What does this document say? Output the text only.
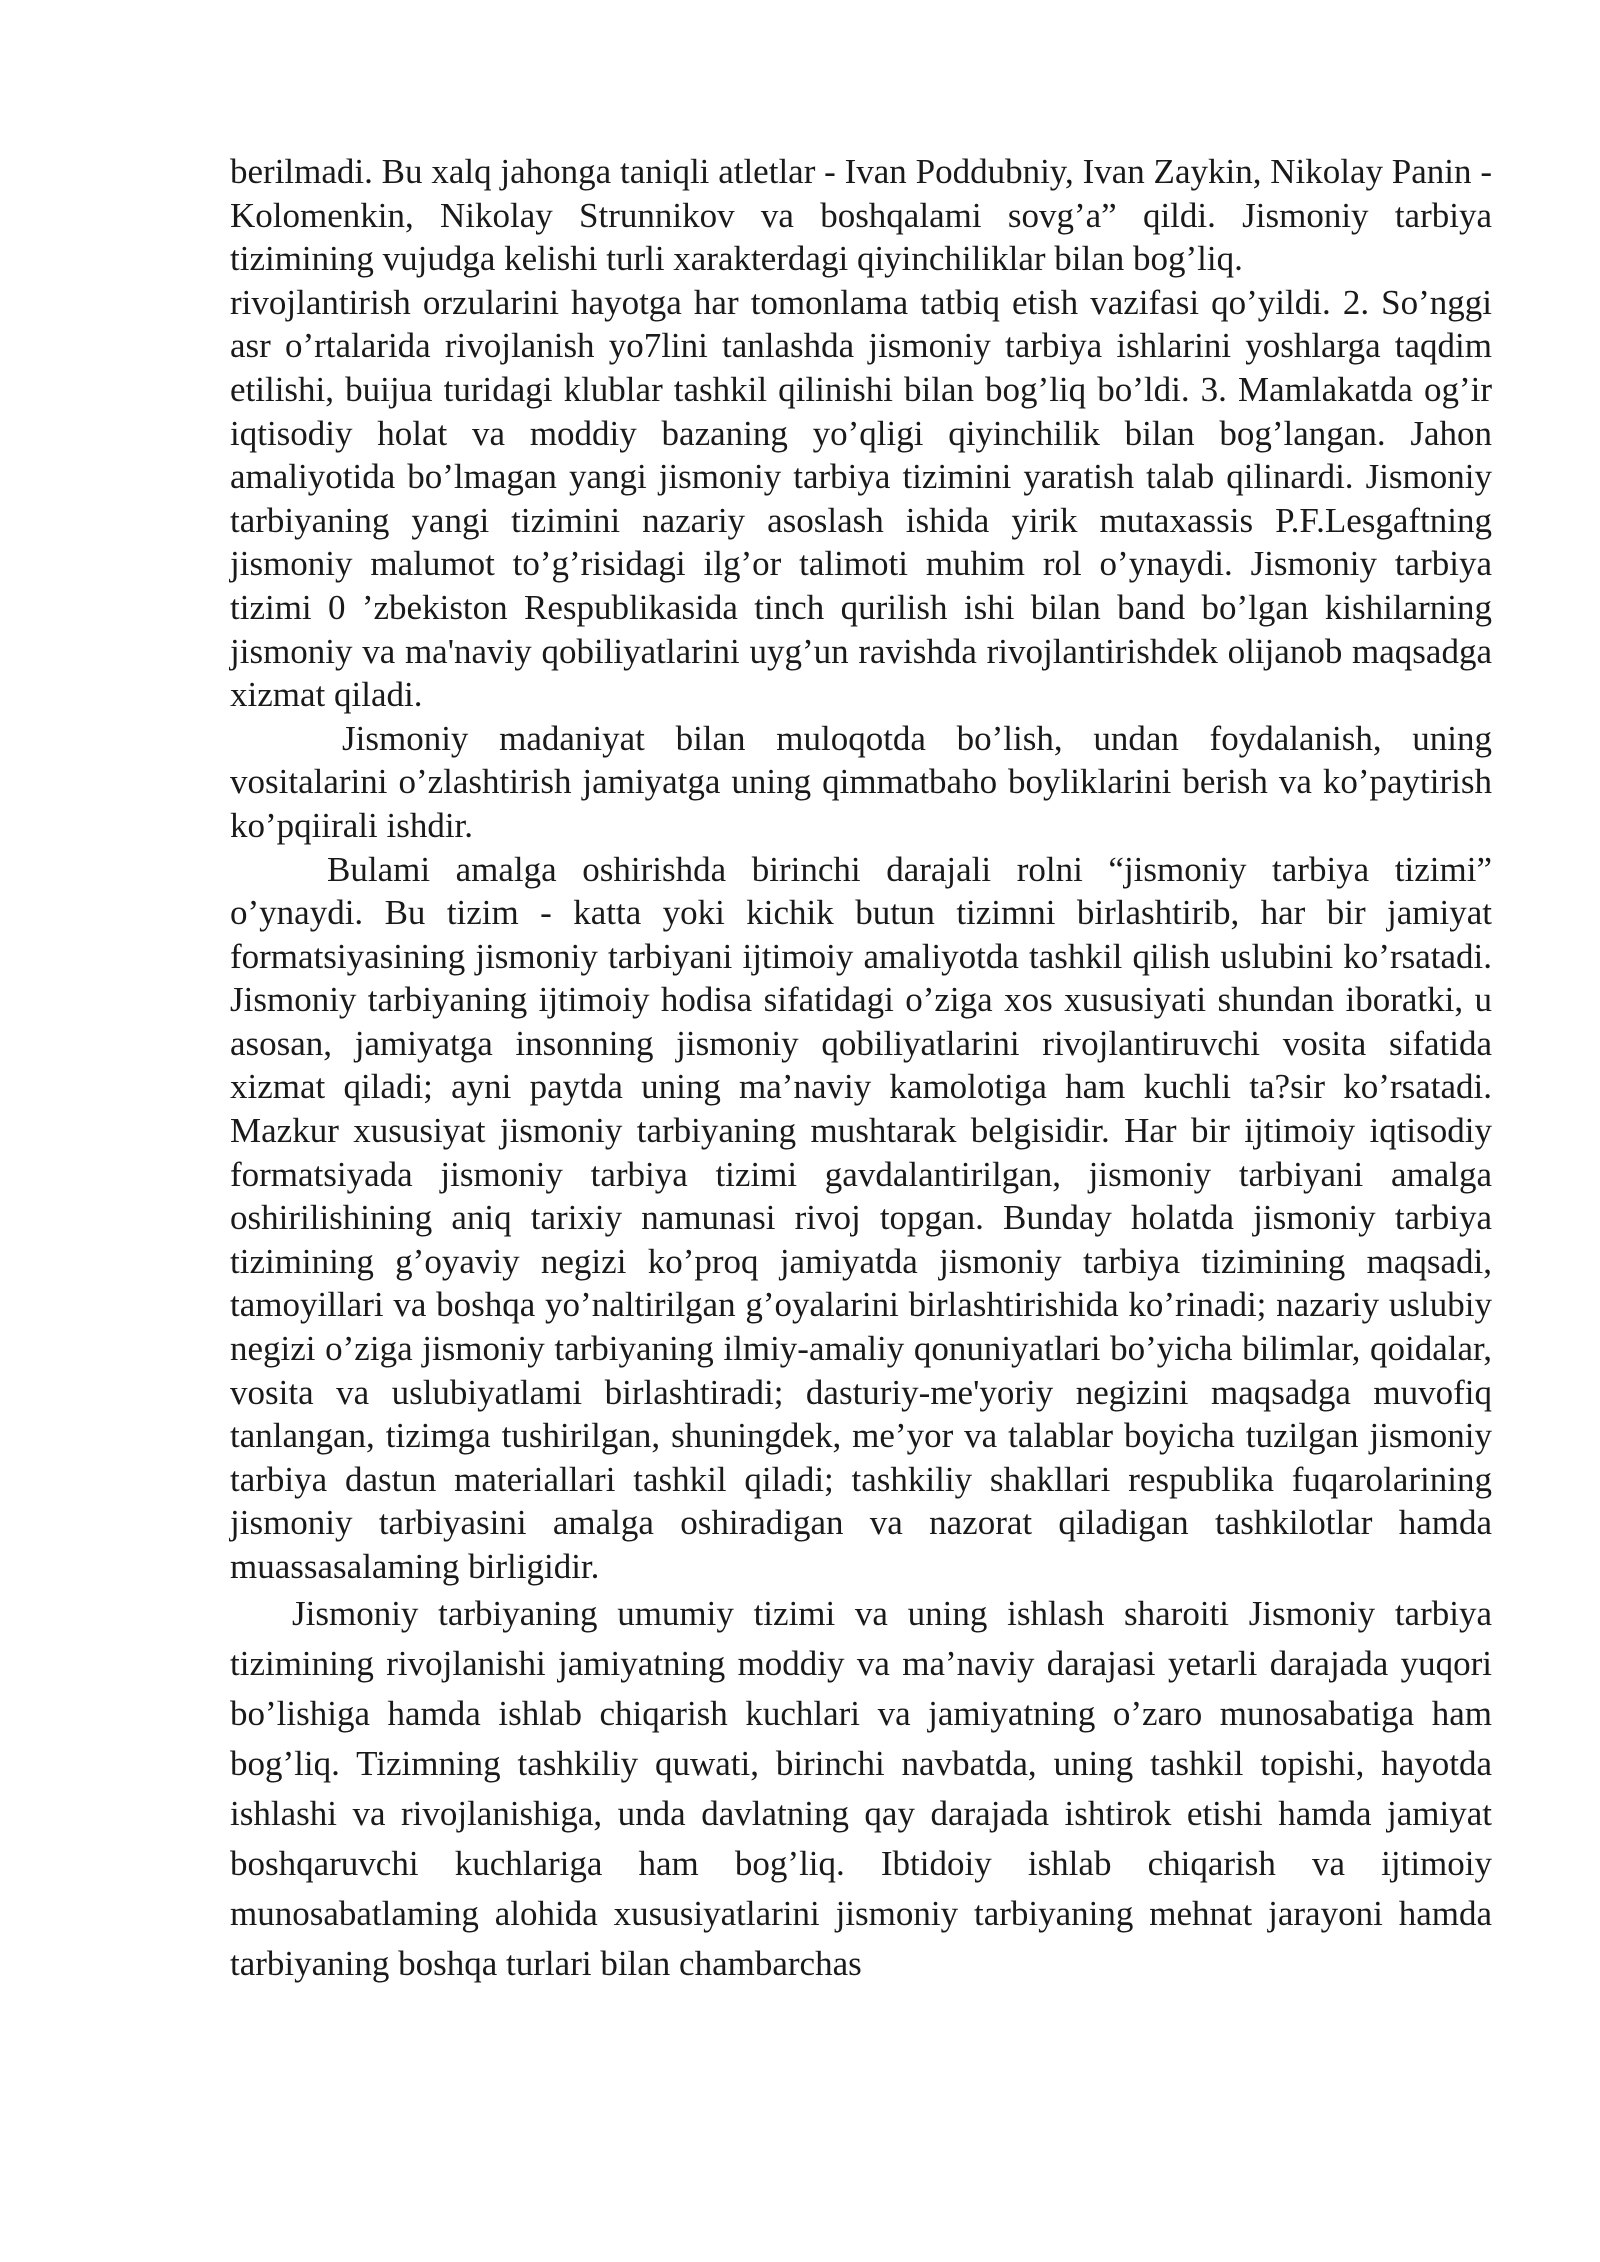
berilmadi. Bu xalq jahonga taniqli atletlar - Ivan Poddubniy, Ivan Zaykin, Nikolay Panin -Kolomenkin, Nikolay Strunnikov va boshqalami sovg’a” qildi. Jismoniy tarbiya tizimining vujudga kelishi turli xarakterdagi qiyinchiliklar bilan bog’liq.

rivojlantirish orzularini hayotga har tomonlama tatbiq etish vazifasi qo’yildi. 2. So’nggi asr o’rtalarida rivojlanish yo7lini tanlashda jismoniy tarbiya ishlarini yoshlarga taqdim etilishi, buijua turidagi klublar tashkil qilinishi bilan bog’liq bo’ldi. 3. Mamlakatda og’ir iqtisodiy holat va moddiy bazaning yo’qligi qiyinchilik bilan bog’langan. Jahon amaliyotida bo’lmagan yangi jismoniy tarbiya tizimini yaratish talab qilinardi. Jismoniy tarbiyaning yangi tizimini nazariy asoslash ishida yirik mutaxassis P.F.Lesgaftning jismoniy malumot to’g’risidagi ilg’or talimoti muhim rol o’ynaydi. Jismoniy tarbiya tizimi 0 ’zbekiston Respublikasida tinch qurilish ishi bilan band bo’lgan kishilarning jismoniy va ma'naviy qobiliyatlarini uyg’un ravishda rivojlantirishdek olijanob maqsadga xizmat qiladi.

Jismoniy madaniyat bilan muloqotda bo’lish, undan foydalanish, uning vositalarini o’zlashtirish jamiyatga uning qimmatbaho boyliklarini berish va ko’paytirish ko’pqiirali ishdir.

Bulami amalga oshirishda birinchi darajali rolni “jismoniy tarbiya tizimi” o’ynaydi. Bu tizim - katta yoki kichik butun tizimni birlashtirib, har bir jamiyat formatsiyasining jismoniy tarbiyani ijtimoiy amaliyotda tashkil qilish uslubini ko’rsatadi. Jismoniy tarbiyaning ijtimoiy hodisa sifatidagi o’ziga xos xususiyati shundan iboratki, u asosan, jamiyatga insonning jismoniy qobiliyatlarini rivojlantiruvchi vosita sifatida xizmat qiladi; ayni paytda uning ma’naviy kamolotiga ham kuchli ta?sir ko’rsatadi. Mazkur xususiyat jismoniy tarbiyaning mushtarak belgisidir. Har bir ijtimoiy iqtisodiy formatsiyada jismoniy tarbiya tizimi gavdalantirilgan, jismoniy tarbiyani amalga oshirilishining aniq tarixiy namunasi rivoj topgan. Bunday holatda jismoniy tarbiya tizimining g’oyaviy negizi ko’proq jamiyatda jismoniy tarbiya tizimining maqsadi, tamoyillari va boshqa yo’naltirilgan g’oyalarini birlashtirishida ko’rinadi; nazariy uslubiy negizi o’ziga jismoniy tarbiyaning ilmiy-amaliy qonuniyatlari bo’yicha bilimlar, qoidalar, vosita va uslubiyatlami birlashtiradi; dasturiy-me'yoriy negizini maqsadga muvofiq tanlangan, tizimga tushirilgan, shuningdek, me’yor va talablar boyicha tuzilgan jismoniy tarbiya dastun materiallari tashkil qiladi; tashkiliy shakllari respublika fuqarolarining jismoniy tarbiyasini amalga oshiradigan va nazorat qiladigan tashkilotlar hamda muassasalaming birligidir.

Jismoniy tarbiyaning umumiy tizimi va uning ishlash sharoiti Jismoniy tarbiya tizimining rivojlanishi jamiyatning moddiy va ma’naviy darajasi yetarli darajada yuqori bo’lishiga hamda ishlab chiqarish kuchlari va jamiyatning o’zaro munosabatiga ham bog’liq. Tizimning tashkiliy quwati, birinchi navbatda, uning tashkil topishi, hayotda ishlashi va rivojlanishiga, unda davlatning qay darajada ishtirok etishi hamda jamiyat boshqaruvchi kuchlariga ham bog’liq. Ibtidoiy ishlab chiqarish va ijtimoiy munosabatlaming alohida xususiyatlarini jismoniy tarbiyaning mehnat jarayoni hamda tarbiyaning boshqa turlari bilan chambarchas
